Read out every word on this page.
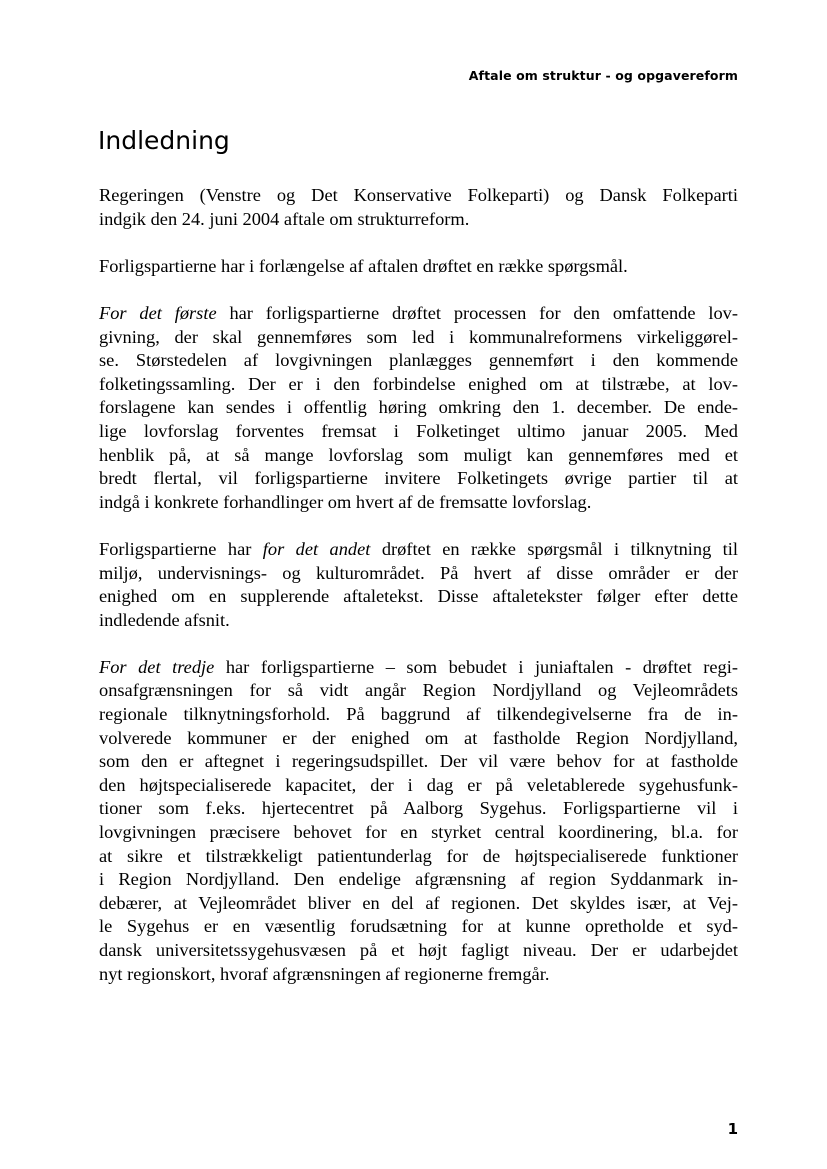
Aftale om struktur - og opgavereform
Indledning

Regeringen (Venstre og Det Konservative Folkeparti) og Dansk Folkeparti
indgik den 24. juni 2004 aftale om strukturreform.

Forligspartierne har i forlængelse af aftalen drøftet en række spørgsmål.

For det første har forligspartierne drøftet processen for den omfattende lov-
givning, der skal gennemføres som led i kommunalreformens virkeliggørel-
se. Størstedelen af lovgivningen planlægges gennemført i den kommende
folketingssamling. Der er i den forbindelse enighed om at tilstræbe, at lov-
forslagene kan sendes i offentlig høring omkring den 1. december. De ende-
lige lovforslag forventes fremsat i Folketinget ultimo januar 2005. Med
henblik på, at så mange lovforslag som muligt kan gennemføres med et
bredt flertal, vil forligspartierne invitere Folketingets øvrige partier til at
indgå i konkrete forhandlinger om hvert af de fremsatte lovforslag.

Forligspartierne har for det andet drøftet en række spørgsmål i tilknytning til
miljø, undervisnings- og kulturområdet. På hvert af disse områder er der
enighed om en supplerende aftaletekst. Disse aftaletekster følger efter dette
indledende afsnit.

For det tredje har forligspartierne – som bebudet i juniaftalen - drøftet regi-
onsafgrænsningen for så vidt angår Region Nordjylland og Vejleområdets
regionale tilknytningsforhold. På baggrund af tilkendegivelserne fra de in-
volverede kommuner er der enighed om at fastholde Region Nordjylland,
som den er aftegnet i regeringsudspillet. Der vil være behov for at fastholde
den højtspecialiserede kapacitet, der i dag er på veletablerede sygehusfunk-
tioner som f.eks. hjertecentret på Aalborg Sygehus. Forligspartierne vil i
lovgivningen præcisere behovet for en styrket central koordinering, bl.a. for
at sikre et tilstrækkeligt patientunderlag for de højtspecialiserede funktioner
i Region Nordjylland. Den endelige afgrænsning af region Syddanmark in-
debærer, at Vejleområdet bliver en del af regionen. Det skyldes især, at Vej-
le Sygehus er en væsentlig forudsætning for at kunne opretholde et syd-
dansk universitetssygehusvæsen på et højt fagligt niveau. Der er udarbejdet
nyt regionskort, hvoraf afgrænsningen af regionerne fremgår.

1
